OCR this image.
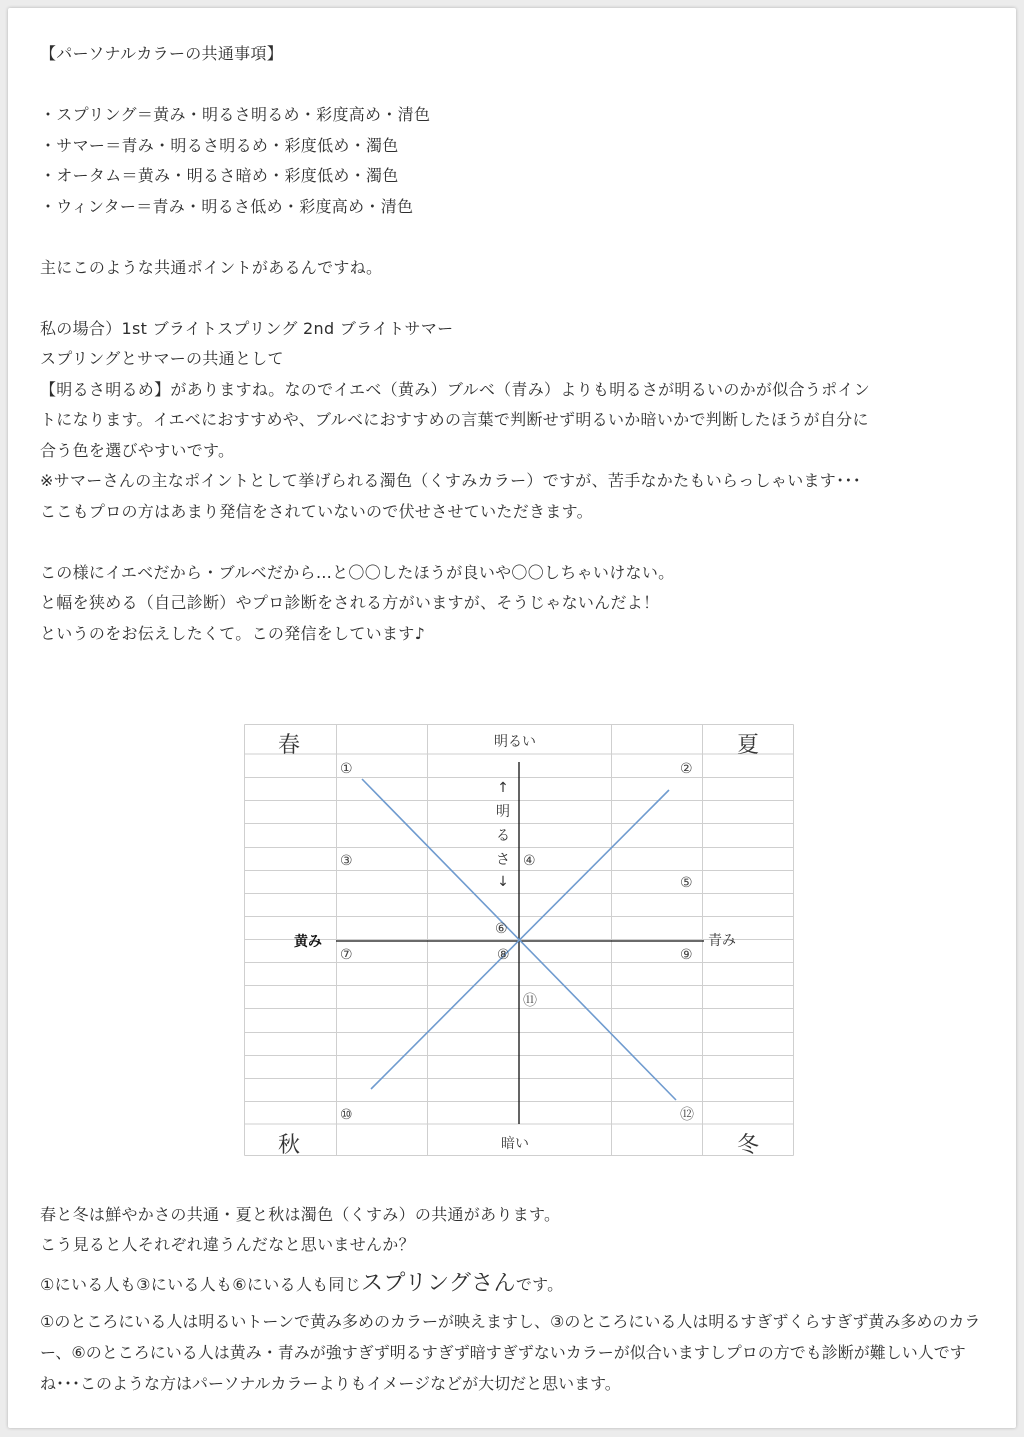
【パーソナルカラーの共通事項】
・スプリング＝黄み・明るさ明るめ・彩度高め・清色
・サマー＝青み・明るさ明るめ・彩度低め・濁色
・オータム＝黄み・明るさ暗め・彩度低め・濁色
・ウィンター＝青み・明るさ低め・彩度高め・清色
主にこのような共通ポイントがあるんですね。
私の場合）1st ブライトスプリング 2nd ブライトサマー
スプリングとサマーの共通として
【明るさ明るめ】がありますね。なのでイエベ（黄み）ブルベ（青み）よりも明るさが明るいのかが似合うポイン
トになります。イエベにおすすめや、ブルベにおすすめの言葉で判断せず明るいか暗いかで判断したほうが自分に
合う色を選びやすいです。
※サマーさんの主なポイントとして挙げられる濁色（くすみカラー）ですが、苦手なかたもいらっしゃいます･･･
ここもプロの方はあまり発信をされていないので伏せさせていただきます。
この様にイエベだから・ブルベだから…と〇〇したほうが良いや〇〇しちゃいけない。
と幅を狭める（自己診断）やプロ診断をされる方がいますが、そうじゃないんだよ！
というのをお伝えしたくて。この発信をしています♪
春	夏
秋	冬
明るい
暗い
黄み	青み
↑
明
る
さ
↓
①	②
③	④
⑤
⑥
⑦	⑧	⑨
⑩
⑪
⑫
春と冬は鮮やかさの共通・夏と秋は濁色（くすみ）の共通があります。
こう見ると人それぞれ違うんだなと思いませんか？
①にいる人も③にいる人も⑥にいる人も同じスプリングさんです。
①のところにいる人は明るいトーンで黄み多めのカラーが映えますし、③のところにいる人は明るすぎずくらすぎず黄み多めのカラー、⑥のところにいる人は黄み・青みが強すぎず明るすぎず暗すぎずないカラーが似合いますしプロの方でも診断が難しい人ですね･･･このような方はパーソナルカラーよりもイメージなどが大切だと思います。
